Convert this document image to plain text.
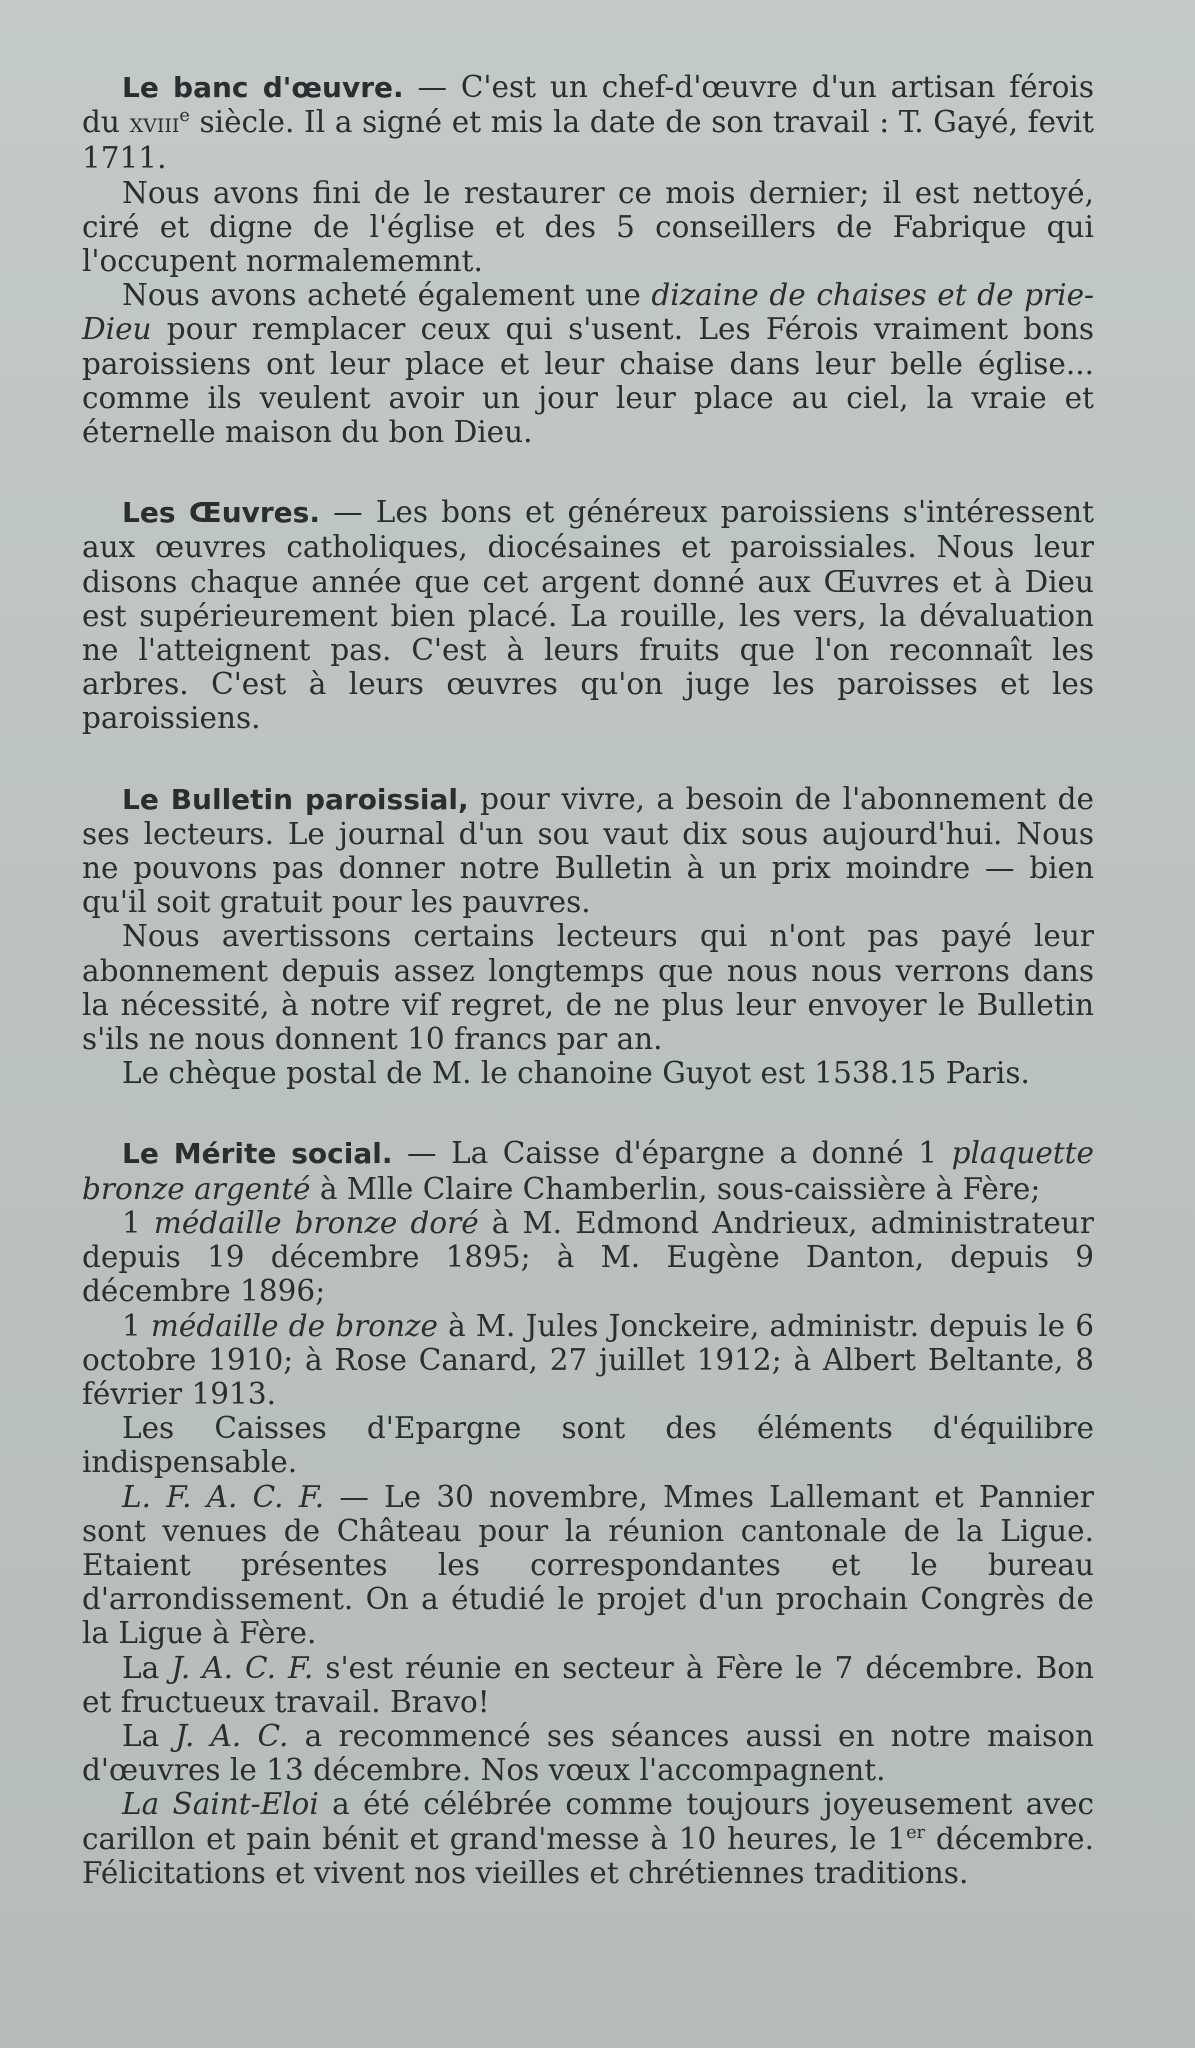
Le banc d'œuvre. — C'est un chef-d'œuvre d'un artisan férois du xviii$^e$ siècle. Il a signé et mis la date de son travail : T. Gayé, fevit 1711.

Nous avons fini de le restaurer ce mois dernier; il est nettoyé, ciré et digne de l'église et des 5 conseillers de Fabrique qui l'occupent normalememnt.

Nous avons acheté également une dizaine de chaises et de prie-Dieu pour remplacer ceux qui s'usent. Les Férois vraiment bons paroissiens ont leur place et leur chaise dans leur belle église... comme ils veulent avoir un jour leur place au ciel, la vraie et éternelle maison du bon Dieu.

Les Œuvres. — Les bons et généreux paroissiens s'intéressent aux œuvres catholiques, diocésaines et paroissiales. Nous leur disons chaque année que cet argent donné aux Œuvres et à Dieu est supérieurement bien placé. La rouille, les vers, la dévaluation ne l'atteignent pas. C'est à leurs fruits que l'on reconnaît les arbres. C'est à leurs œuvres qu'on juge les paroisses et les paroissiens.

Le Bulletin paroissial, pour vivre, a besoin de l'abonnement de ses lecteurs. Le journal d'un sou vaut dix sous aujourd'hui. Nous ne pouvons pas donner notre Bulletin à un prix moindre — bien qu'il soit gratuit pour les pauvres.

Nous avertissons certains lecteurs qui n'ont pas payé leur abonnement depuis assez longtemps que nous nous verrons dans la nécessité, à notre vif regret, de ne plus leur envoyer le Bulletin s'ils ne nous donnent 10 francs par an.

Le chèque postal de M. le chanoine Guyot est 1538.15 Paris.

Le Mérite social. — La Caisse d'épargne a donné 1 plaquette bronze argenté à Mlle Claire Chamberlin, sous-caissière à Fère;

1 médaille bronze doré à M. Edmond Andrieux, administrateur depuis 19 décembre 1895; à M. Eugène Danton, depuis 9 décembre 1896;

1 médaille de bronze à M. Jules Jonckeire, administr. depuis le 6 octobre 1910; à Rose Canard, 27 juillet 1912; à Albert Beltante, 8 février 1913.

Les Caisses d'Epargne sont des éléments d'équilibre indispensable.

L. F. A. C. F. — Le 30 novembre, Mmes Lallemant et Pannier sont venues de Château pour la réunion cantonale de la Ligue. Etaient présentes les correspondantes et le bureau d'arrondissement. On a étudié le projet d'un prochain Congrès de la Ligue à Fère.

La J. A. C. F. s'est réunie en secteur à Fère le 7 décembre. Bon et fructueux travail. Bravo!

La J. A. C. a recommencé ses séances aussi en notre maison d'œuvres le 13 décembre. Nos vœux l'accompagnent.

La Saint-Eloi a été célébrée comme toujours joyeusement avec carillon et pain bénit et grand'messe à 10 heures, le 1er décembre. Félicitations et vivent nos vieilles et chrétiennes traditions.
